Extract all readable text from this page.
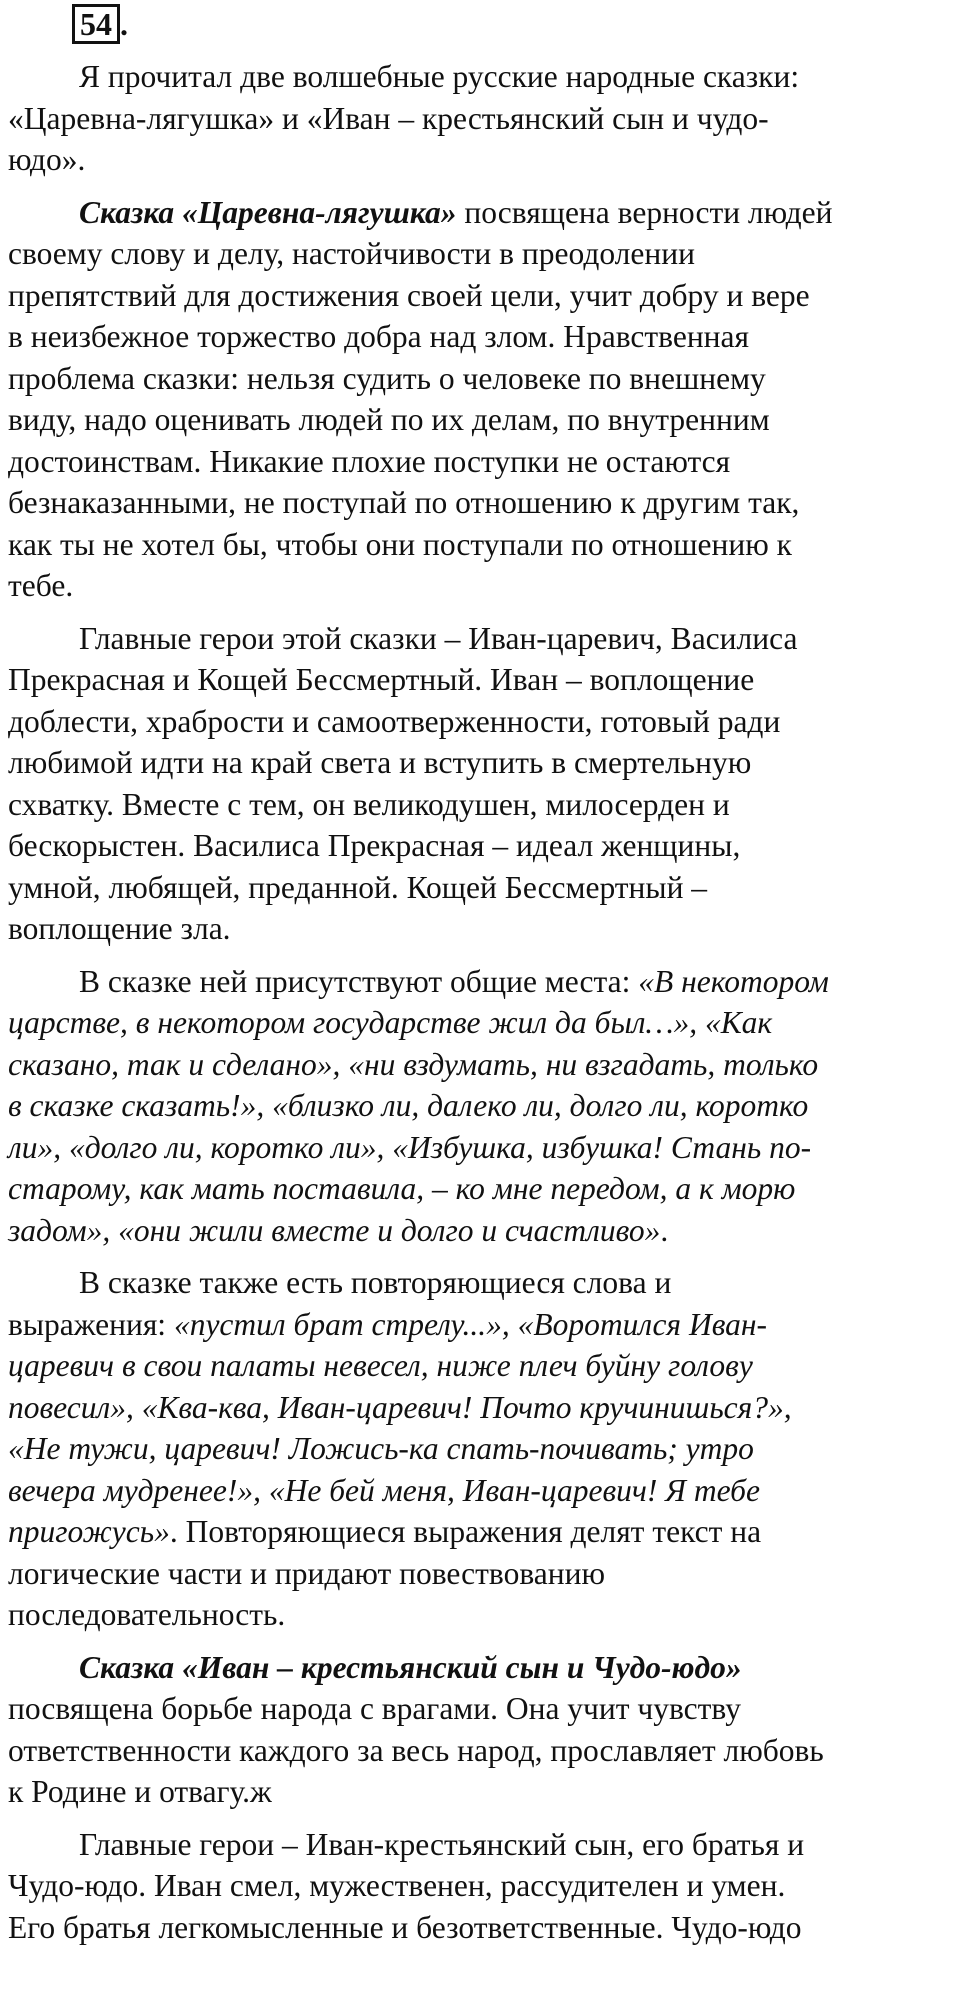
54 .
Я прочитал две волшебные русские народные сказки:
«Царевна-лягушка» и «Иван – крестьянский сын и чудо-
юдо».
Сказка «Царевна-лягушка» посвящена верности людей
своему слову и делу, настойчивости в преодолении
препятствий для достижения своей цели, учит добру и вере
в неизбежное торжество добра над злом. Нравственная
проблема сказки: нельзя судить о человеке по внешнему
виду, надо оценивать людей по их делам, по внутренним
достоинствам. Никакие плохие поступки не остаются
безнаказанными, не поступай по отношению к другим так,
как ты не хотел бы, чтобы они поступали по отношению к
тебе.
Главные герои этой сказки – Иван-царевич, Василиса
Прекрасная и Кощей Бессмертный. Иван – воплощение
доблести, храбрости и самоотверженности, готовый ради
любимой идти на край света и вступить в смертельную
схватку. Вместе с тем, он великодушен, милосерден и
бескорыстен. Василиса Прекрасная – идеал женщины,
умной, любящей, преданной. Кощей Бессмертный –
воплощение зла.
В сказке ней присутствуют общие места: «В некотором
царстве, в некотором государстве жил да был…», «Как
сказано, так и сделано», «ни вздумать, ни взгадать, только
в сказке сказать!», «близко ли, далеко ли, долго ли, коротко
ли», «долго ли, коротко ли», «Избушка, избушка! Стань по-
старому, как мать поставила, – ко мне передом, а к морю
задом», «они жили вместе и долго и счастливо».
В сказке также есть повторяющиеся слова и
выражения: «пустил брат стрелу...», «Воротился Иван-
царевич в свои палаты невесел, ниже плеч буйну голову
повесил», «Ква-ква, Иван-царевич! Почто кручинишься?»,
«Не тужи, царевич! Ложись-ка спать-почивать; утро
вечера мудренее!», «Не бей меня, Иван-царевич! Я тебе
пригожусь». Повторяющиеся выражения делят текст на
логические части и придают повествованию
последовательность.
Сказка «Иван – крестьянский сын и Чудо-юдо»
посвящена борьбе народа с врагами. Она учит чувству
ответственности каждого за весь народ, прославляет любовь
к Родине и отвагу.ж
Главные герои – Иван-крестьянский сын, его братья и
Чудо-юдо. Иван смел, мужественен, рассудителен и умен.
Его братья легкомысленные и безответственные. Чудо-юдо
